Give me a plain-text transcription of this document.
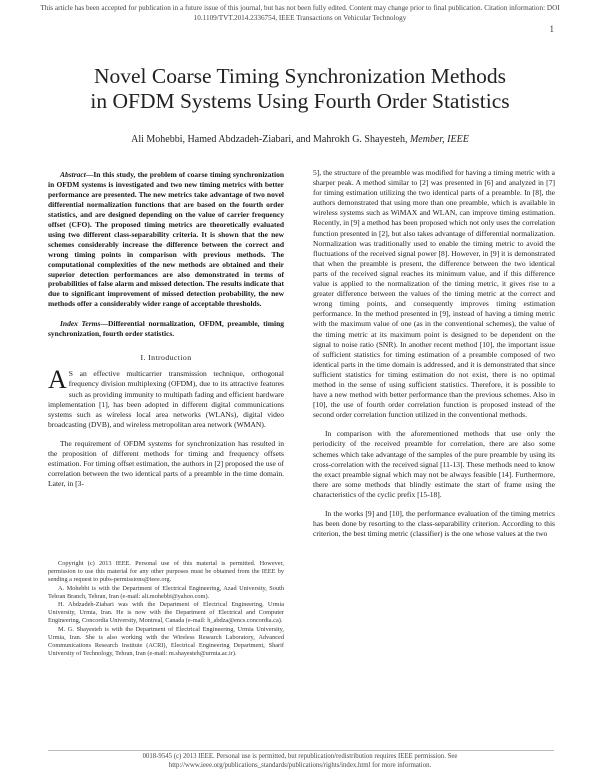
This article has been accepted for publication in a future issue of this journal, but has not been fully edited. Content may change prior to final publication. Citation information: DOI
10.1109/TVT.2014.2336754, IEEE Transactions on Vehicular Technology
1
Novel Coarse Timing Synchronization Methods
in OFDM Systems Using Fourth Order Statistics
Ali Mohebbi, Hamed Abdzadeh-Ziabari, and Mahrokh G. Shayesteh, Member, IEEE

Abstract—In this study, the problem of coarse timing synchronization in OFDM systems is investigated and two new timing metrics with better performance are presented. The new metrics take advantage of two novel differential normalization functions that are based on the fourth order statistics, and are designed depending on the value of carrier frequency offset (CFO). The proposed timing metrics are theoretically evaluated using two different class-separability criteria. It is shown that the new schemes considerably increase the difference between the correct and wrong timing points in comparison with previous methods. The computational complexities of the new methods are obtained and their superior detection performances are also demonstrated in terms of probabilities of false alarm and missed detection. The results indicate that due to significant improvement of missed detection probability, the new methods offer a considerably wider range of acceptable thresholds.

Index Terms—Differential normalization, OFDM, preamble, timing synchronization, fourth order statistics.

I. Introduction

A S an effective multicarrier transmission technique, orthogonal frequency division multiplexing (OFDM), due to its attractive features such as providing immunity to multipath fading and efficient hardware implementation [1], has been adopted in different digital communications systems such as wireless local area networks (WLANs), digital video broadcasting (DVB), and wireless metropolitan area network (WMAN).

The requirement of OFDM systems for synchronization has resulted in the proposition of different methods for timing and frequency offsets estimation. For timing offset estimation, the authors in [2] proposed the use of correlation between the two identical parts of a preamble in the time domain. Later, in [3-

Copyright (c) 2013 IEEE. Personal use of this material is permitted. However, permission to use this material for any other purposes must be obtained from the IEEE by sending a request to pubs-permissions@ieee.org.

A. Mohebbi is with the Department of Electrical Engineering, Azad University, South Tehran Branch, Tehran, Iran (e-mail: ali.mohebbi@yahoo.com).

H. Abdzadeh-Ziabari was with the Department of Electrical Engineering, Urmia University, Urmia, Iran. He is now with the Department of Electrical and Computer Engineering, Concordia University, Montreal, Canada (e-mail: h_abdza@encs.concordia.ca).

M. G. Shayesteh is with the Department of Electrical Engineering, Urmia University, Urmia, Iran. She is also working with the Wireless Research Laboratory, Advanced Communications Research Institute (ACRI), Electrical Engineering Department, Sharif University of Technology, Tehran, Iran (e-mail: m.shayesteh@urmia.ac.ir).

5], the structure of the preamble was modified for having a timing metric with a sharper peak. A method similar to [2] was presented in [6] and analyzed in [7] for timing estimation utilizing the two identical parts of a preamble. In [8], the authors demonstrated that using more than one preamble, which is available in wireless systems such as WiMAX and WLAN, can improve timing estimation. Recently, in [9] a method has been proposed which not only uses the correlation function presented in [2], but also takes advantage of differential normalization. Normalization was traditionally used to enable the timing metric to avoid the fluctuations of the received signal power [8]. However, in [9] it is demonstrated that when the preamble is present, the difference between the two identical parts of the received signal reaches its minimum value, and if this difference value is applied to the normalization of the timing metric, it gives rise to a greater difference between the values of the timing metric at the correct and wrong timing points, and consequently improves timing estimation performance. In the method presented in [9], instead of having a timing metric with the maximum value of one (as in the conventional schemes), the value of the timing metric at its maximum point is designed to be dependent on the signal to noise ratio (SNR). In another recent method [10], the important issue of sufficient statistics for timing estimation of a preamble composed of two identical parts in the time domain is addressed, and it is demonstrated that since sufficient statistics for timing estimation do not exist, there is no optimal method in the sense of using sufficient statistics. Therefore, it is possible to have a new method with better performance than the previous schemes. Also in [10], the use of fourth order correlation function is proposed instead of the second order correlation function utilized in the conventional methods.

In comparison with the aforementioned methods that use only the periodicity of the received preamble for correlation, there are also some schemes which take advantage of the samples of the pure preamble by using its cross-correlation with the received signal [11-13]. These methods need to know the exact preamble signal which may not be always feasible [14]. Furthermore, there are some methods that blindly estimate the start of frame using the characteristics of the cyclic prefix [15-18].

In the works [9] and [10], the performance evaluation of the timing metrics has been done by resorting to the class-separability criterion. According to this criterion, the best timing metric (classifier) is the one whose values at the two

0018-9545 (c) 2013 IEEE. Personal use is permitted, but republication/redistribution requires IEEE permission. See
http://www.ieee.org/publications_standards/publications/rights/index.html for more information.
